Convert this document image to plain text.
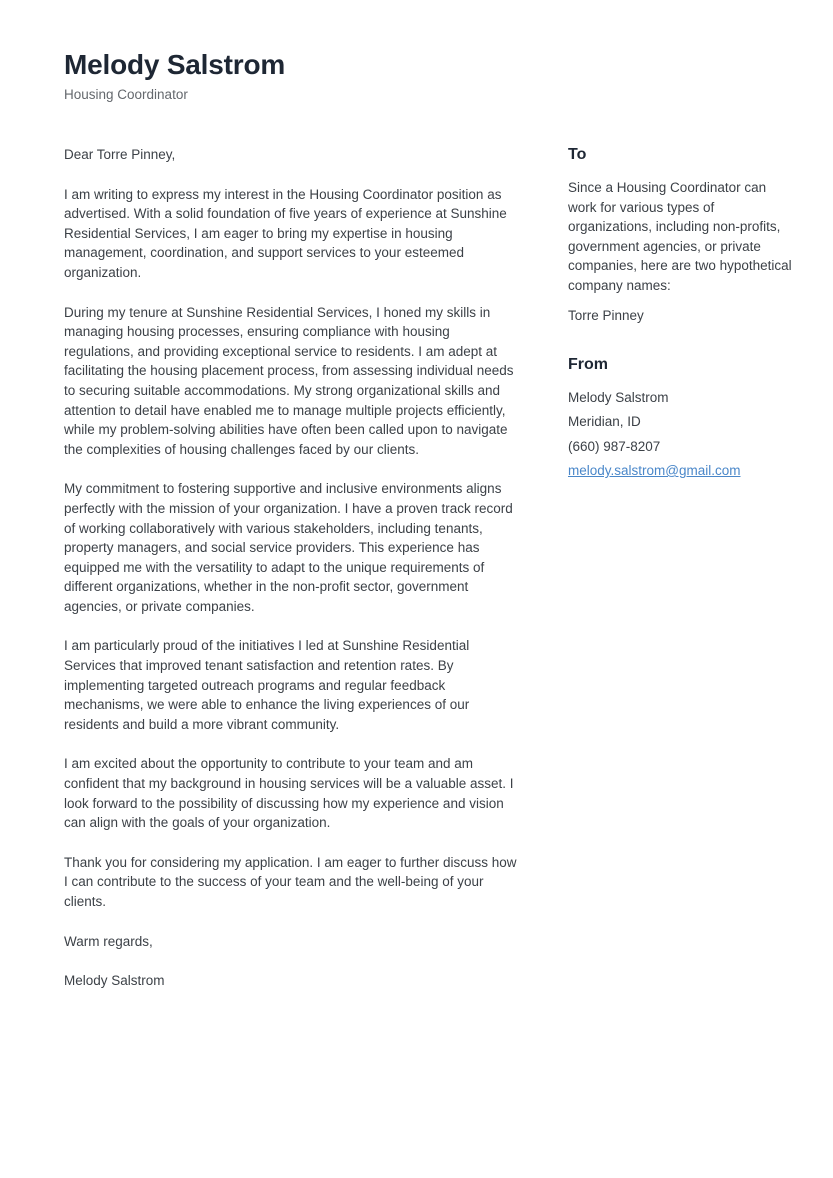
Melody Salstrom
Housing Coordinator

Dear Torre Pinney,

I am writing to express my interest in the Housing Coordinator position as advertised. With a solid foundation of five years of experience at Sunshine Residential Services, I am eager to bring my expertise in housing management, coordination, and support services to your esteemed organization.

During my tenure at Sunshine Residential Services, I honed my skills in managing housing processes, ensuring compliance with housing regulations, and providing exceptional service to residents. I am adept at facilitating the housing placement process, from assessing individual needs to securing suitable accommodations. My strong organizational skills and attention to detail have enabled me to manage multiple projects efficiently, while my problem-solving abilities have often been called upon to navigate the complexities of housing challenges faced by our clients.

My commitment to fostering supportive and inclusive environments aligns perfectly with the mission of your organization. I have a proven track record of working collaboratively with various stakeholders, including tenants, property managers, and social service providers. This experience has equipped me with the versatility to adapt to the unique requirements of different organizations, whether in the non-profit sector, government agencies, or private companies.

I am particularly proud of the initiatives I led at Sunshine Residential Services that improved tenant satisfaction and retention rates. By implementing targeted outreach programs and regular feedback mechanisms, we were able to enhance the living experiences of our residents and build a more vibrant community.

I am excited about the opportunity to contribute to your team and am confident that my background in housing services will be a valuable asset. I look forward to the possibility of discussing how my experience and vision can align with the goals of your organization.

Thank you for considering my application. I am eager to further discuss how I can contribute to the success of your team and the well-being of your clients.

Warm regards,

Melody Salstrom

To

Since a Housing Coordinator can work for various types of organizations, including non-profits, government agencies, or private companies, here are two hypothetical company names:

Torre Pinney

From

Melody Salstrom

Meridian, ID

(660) 987-8207

melody.salstrom@gmail.com
